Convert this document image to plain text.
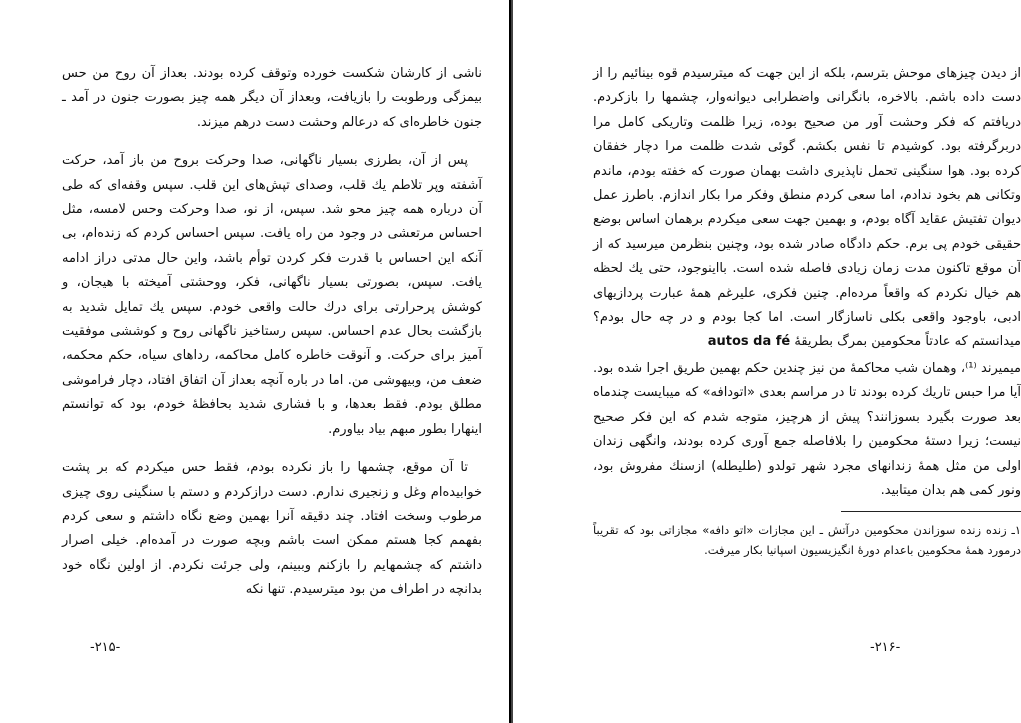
ناشی از کارشان شکست خورده وتوقف کرده بودند. بعداز آن روح من حس بیمزگی ورطوبت را بازیافت، وبعداز آن دیگر همه چیز بصورت جنون در آمد ـ جنون خاطره‌ای که درعالم وحشت دست درهم ‌میزند.

پس از آن، بطرزی بسیار ناگهانی، صدا وحرکت بروح من باز آمد، حرکت آشفته وپر تلاطم یك قلب، وصدای تپش‌های این قلب. سپس وقفه‌ای که طی آن درباره همه چیز محو شد. سپس، از نو، صدا وحرکت وحس لامسه، مثل احساس مرتعشی در وجود من راه یافت. سپس احساس کردم که زنده‌ام، بی آنکه این احساس با قدرت فکر کردن توأم باشد، واین حال مدتی دراز ادامه یافت. سپس، بصورتی بسیار ناگهانی، فکر، ووحشتی آمیخته با هیجان، و کوشش پرحرارتی برای درك حالت واقعی خودم. سپس یك تمایل شدید به بازگشت بحال عدم احساس. سپس رستاخیز ناگهانی روح و کوششی موفقیت آمیز برای حرکت. و آنوقت خاطره کامل محاکمه، رداهای سیاه، حکم محکمه، ضعف من، وبیهوشی من. اما در باره آنچه بعداز آن اتفاق افتاد، دچار فراموشی مطلق بودم. فقط بعدها، و با فشاری شدید بحافظهٔ خودم، بود که توانستم اینهارا بطور مبهم بیاد بیاورم.

تا آن موقع، چشمها را باز نکرده بودم، فقط حس میکردم که بر پشت خوابیده‌ام وغل و زنجیری ندارم. دست درازکردم و دستم با سنگینی روی چیزی مرطوب وسخت افتاد. چند دقیقه آنرا بهمین وضع نگاه داشتم و سعی کردم بفهمم کجا هستم ممکن است باشم وبچه صورت در آمده‌ام. خیلی اصرار داشتم که چشمهایم را بازکنم وببینم، ولی جرئت نکردم. از اولین نگاه خود بدانچه در اطراف من بود میترسیدم. تنها نکه

-۲۱۵-

از دیدن چیزهای موحش بترسم، بلکه از این جهت که میترسیدم قوه بینائیم را از دست داده باشم. بالاخره، بانگرانی واضطرابی دیوانه‌وار، چشمها را بازکردم. دریافتم که فکر وحشت آور من صحیح بوده، زیرا ظلمت وتاریکی کامل مرا دربرگرفته بود. کوشیدم تا نفس بکشم. گوئی شدت ظلمت مرا دچار خفقان کرده بود. هوا سنگینی تحمل ناپذیری داشت بهمان صورت که خفته بودم، ماندم وتکانی هم بخود ندادم، اما سعی کردم منطق وفکر مرا بکار اندازم. باطرز عمل دیوان تفتیش عقاید آگاه بودم، و بهمین جهت سعی میکردم برهمان اساس بوضع حقیقی خودم پی برم. حکم دادگاه صادر شده بود، وچنین بنظرمن میرسید که از آن موقع تاکنون مدت زمان زیادی فاصله شده است. بااینوجود، حتی یك لحظه هم خیال نکردم که واقعاً مرده‌ام. چنین فکری، علیرغم همهٔ عبارت پردازیهای ادبی، باوجود واقعی بکلی ناسازگار است. اما کجا بودم و در چه حال بودم؟ میدانستم که عادتاً محکومین بمرگ بطریقهٔ autos da fé

میمیرند ⁽¹⁾، وهمان شب محاکمهٔ من نیز چندین حکم بهمین طریق اجرا شده بود. آیا مرا حبس تاریك کرده بودند تا در مراسم بعدی «اتودافه» که میبایست چندماه بعد صورت بگیرد بسوزانند؟ پیش از هرچیز، متوجه شدم که این فکر صحیح نیست؛ زیرا دستهٔ محکومین را بلافاصله جمع آوری کرده بودند، وانگهی زندان اولی من مثل همهٔ زندانهای مجرد شهر تولدو (طلیطله) ازسنك مفروش بود، ونور کمی هم بدان میتابید.

۱ـ زنده زنده سوزاندن محکومین درآتش ـ این مجازات «اتو دافه» مجازاتی بود که تقریباً درمورد همهٔ محکومین باعدام دورهٔ انگیزیسیون اسپانیا بکار میرفت.

-۲۱۶-
